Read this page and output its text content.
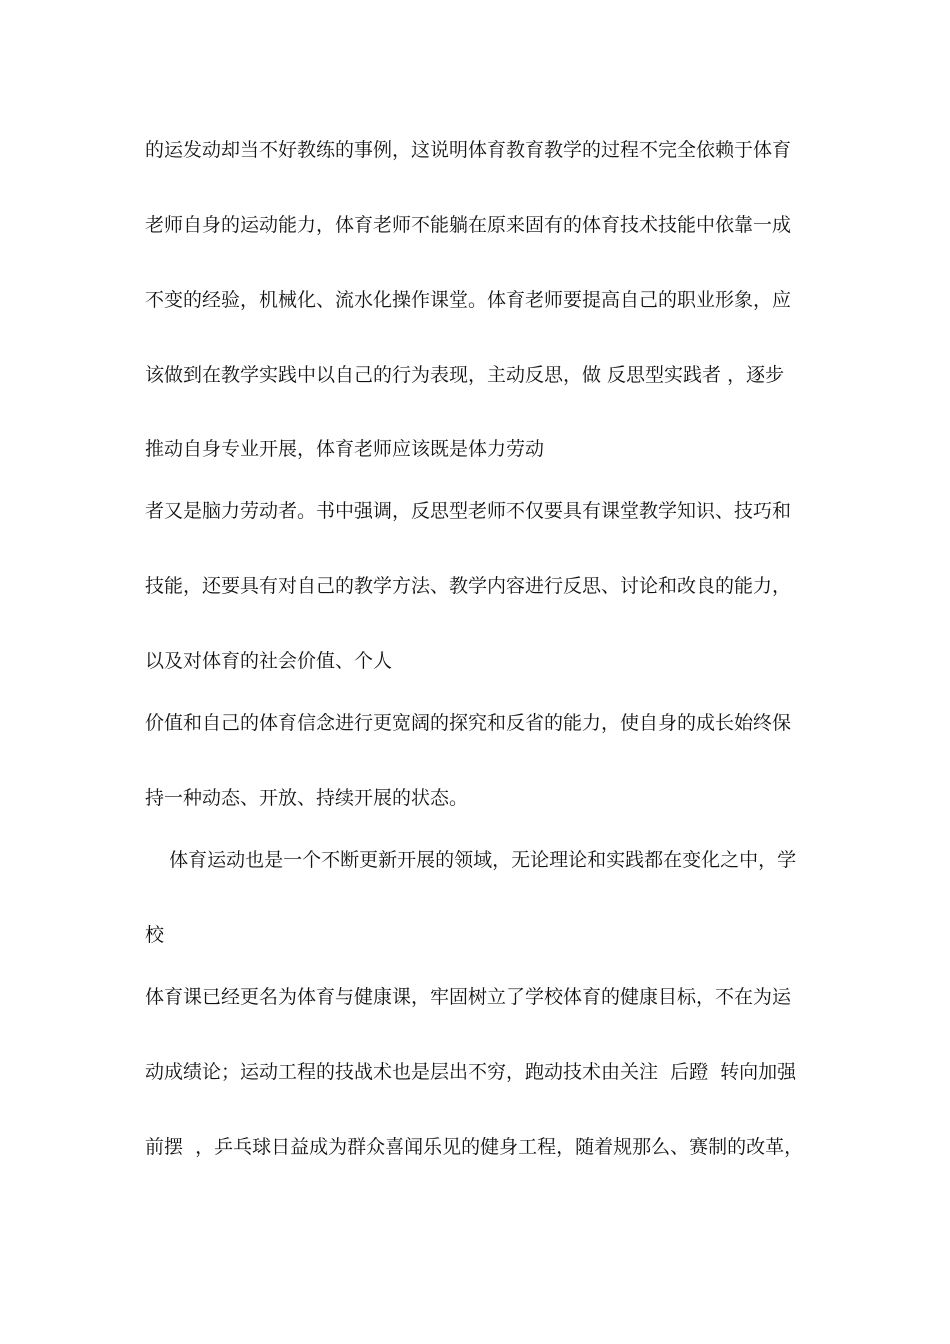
的运发动却当不好教练的事例，这说明体育教育教学的过程不完全依赖于体育
老师自身的运动能力，体育老师不能躺在原来固有的体育技术技能中依靠一成
不变的经验，机械化、流水化操作课堂。体育老师要提高自己的职业形象，应
该做到在教学实践中以自己的行为表现，主动反思，做 反思型实践者 ，逐步
推动自身专业开展，体育老师应该既是体力劳动
者又是脑力劳动者。书中强调，反思型老师不仅要具有课堂教学知识、技巧和
技能，还要具有对自己的教学方法、教学内容进行反思、讨论和改良的能力，
以及对体育的社会价值、个人
价值和自己的体育信念进行更宽阔的探究和反省的能力，使自身的成长始终保
持一种动态、开放、持续开展的状态。
体育运动也是一个不断更新开展的领域，无论理论和实践都在变化之中，学
校
体育课已经更名为体育与健康课，牢固树立了学校体育的健康目标，不在为运
动成绩论；运动工程的技战术也是层出不穷，跑动技术由关注  后蹬  转向加强
前摆  ，乒乓球日益成为群众喜闻乐见的健身工程，随着规那么、赛制的改革，
